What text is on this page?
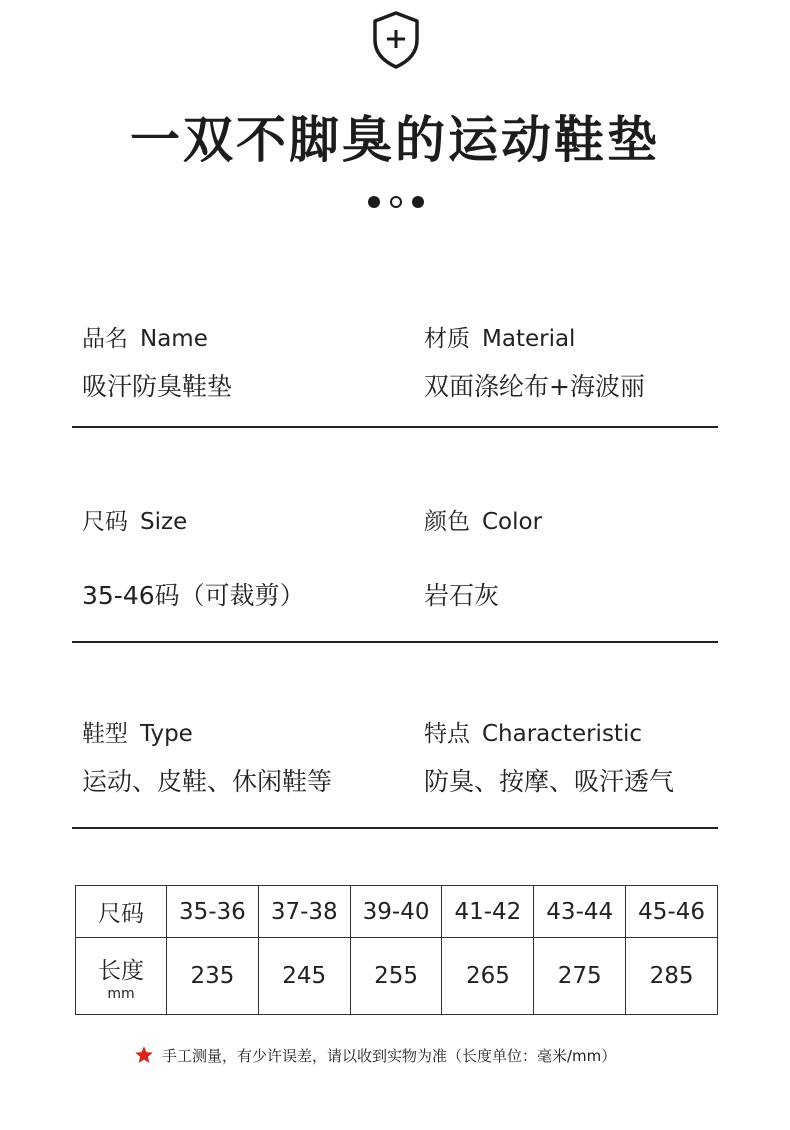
一双不脚臭的运动鞋垫
品名 Name
吸汗防臭鞋垫
材质 Material
双面涤纶布+海波丽
尺码 Size
35-46码（可裁剪）
颜色 Color
岩石灰
鞋型 Type
运动、皮鞋、休闲鞋等
特点 Characteristic
防臭、按摩、吸汗透气
尺码	35-36	37-38	39-40	41-42	43-44	45-46
长度
mm	235	245	255	265	275	285
手工测量，有少许误差，请以收到实物为准（长度单位：毫米/mm）
